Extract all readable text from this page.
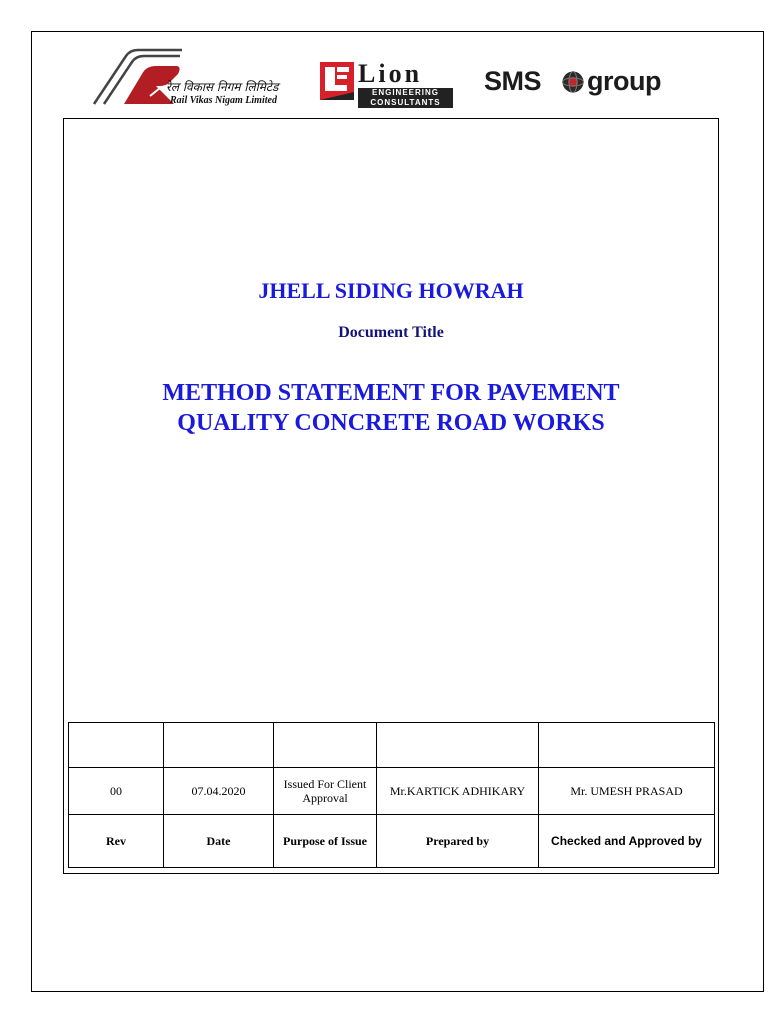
रेल विकास निगम लिमिटेड
Rail Vikas Nigam Limited
Lion
ENGINEERING
CONSULTANTS
SMS group
JHELL SIDING HOWRAH
Document Title
METHOD STATEMENT FOR PAVEMENT
QUALITY CONCRETE ROAD WORKS

00	07.04.2020	Issued For Client Approval	Mr.KARTICK ADHIKARY	Mr. UMESH PRASAD
Rev	Date	Purpose of Issue	Prepared by	Checked and Approved by
